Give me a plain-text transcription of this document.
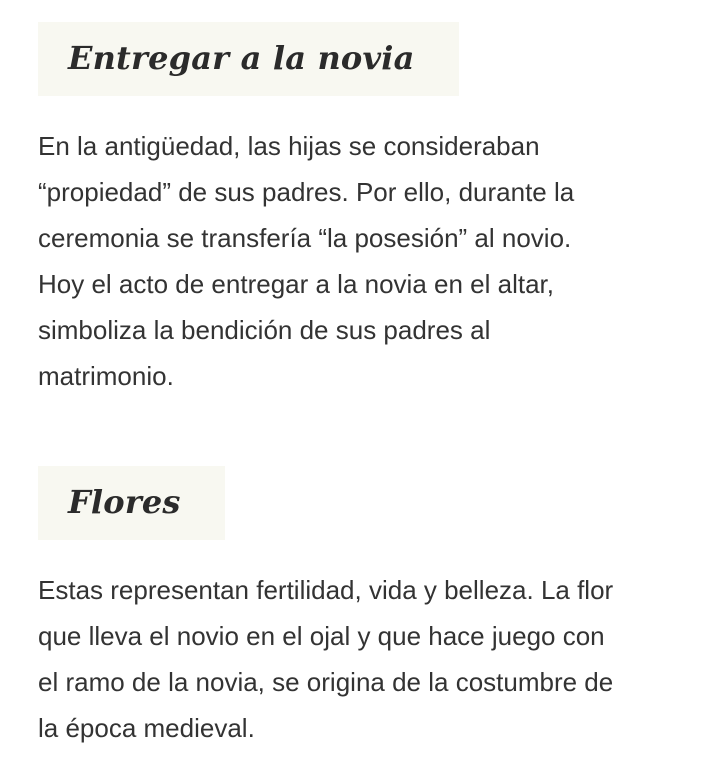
Entregar a la novia

En la antigüedad, las hijas se consideraban
“propiedad” de sus padres. Por ello, durante la
ceremonia se transfería “la posesión” al novio.
Hoy el acto de entregar a la novia en el altar,
simboliza la bendición de sus padres al
matrimonio.

Flores

Estas representan fertilidad, vida y belleza. La flor
que lleva el novio en el ojal y que hace juego con
el ramo de la novia, se origina de la costumbre de
la época medieval.
